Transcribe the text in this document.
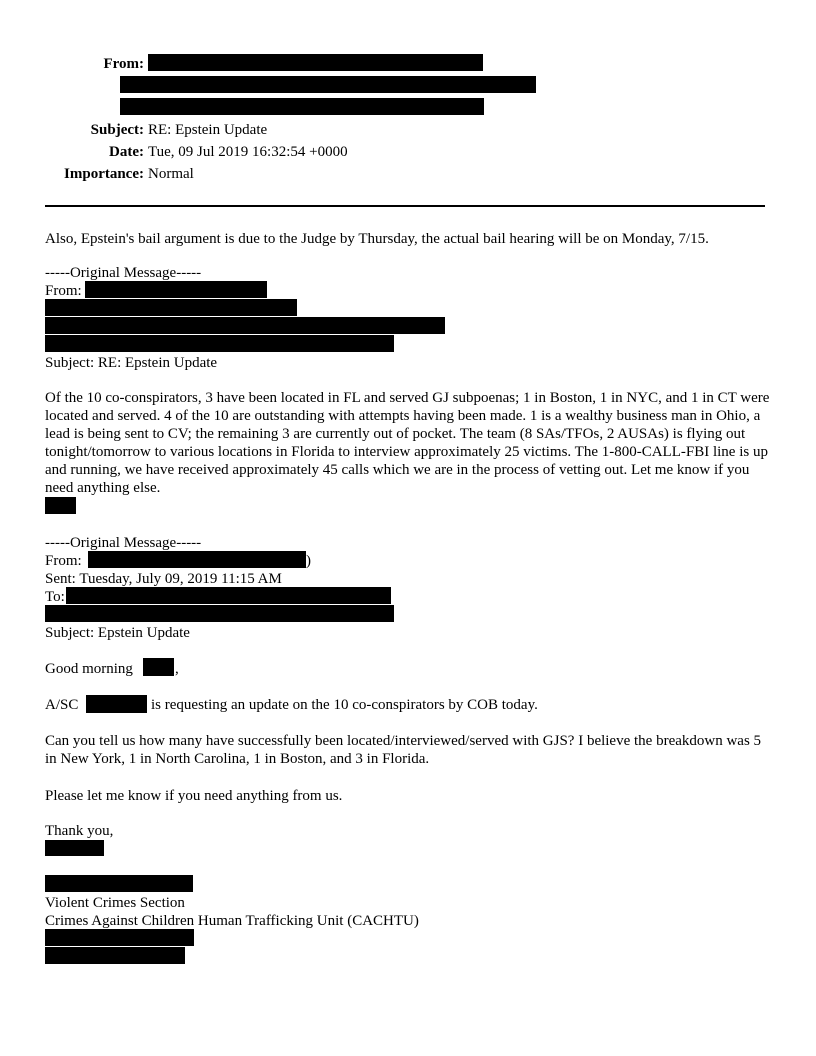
From:
Subject: RE: Epstein Update
Date: Tue, 09 Jul 2019 16:32:54 +0000
Importance: Normal
Also, Epstein's bail argument is due to the Judge by Thursday, the actual bail hearing will be on Monday, 7/15.
-----Original Message-----
From:
Subject: RE: Epstein Update
Of the 10 co-conspirators, 3 have been located in FL and served GJ subpoenas; 1 in Boston, 1 in NYC, and 1 in CT were located and served. 4 of the 10 are outstanding with attempts having been made. 1 is a wealthy business man in Ohio, a lead is being sent to CV; the remaining 3 are currently out of pocket. The team (8 SAs/TFOs, 2 AUSAs) is flying out tonight/tomorrow to various locations in Florida to interview approximately 25 victims. The 1-800-CALL-FBI line is up and running, we have received approximately 45 calls which we are in the process of vetting out. Let me know if you need anything else.
-----Original Message-----
From:	)
Sent: Tuesday, July 09, 2019 11:15 AM
To:
Subject: Epstein Update
Good morning	,
A/SC	is requesting an update on the 10 co-conspirators by COB today.
Can you tell us how many have successfully been located/interviewed/served with GJS? I believe the breakdown was 5 in New York, 1 in North Carolina, 1 in Boston, and 3 in Florida.
Please let me know if you need anything from us.
Thank you,
Violent Crimes Section
Crimes Against Children Human Trafficking Unit (CACHTU)
